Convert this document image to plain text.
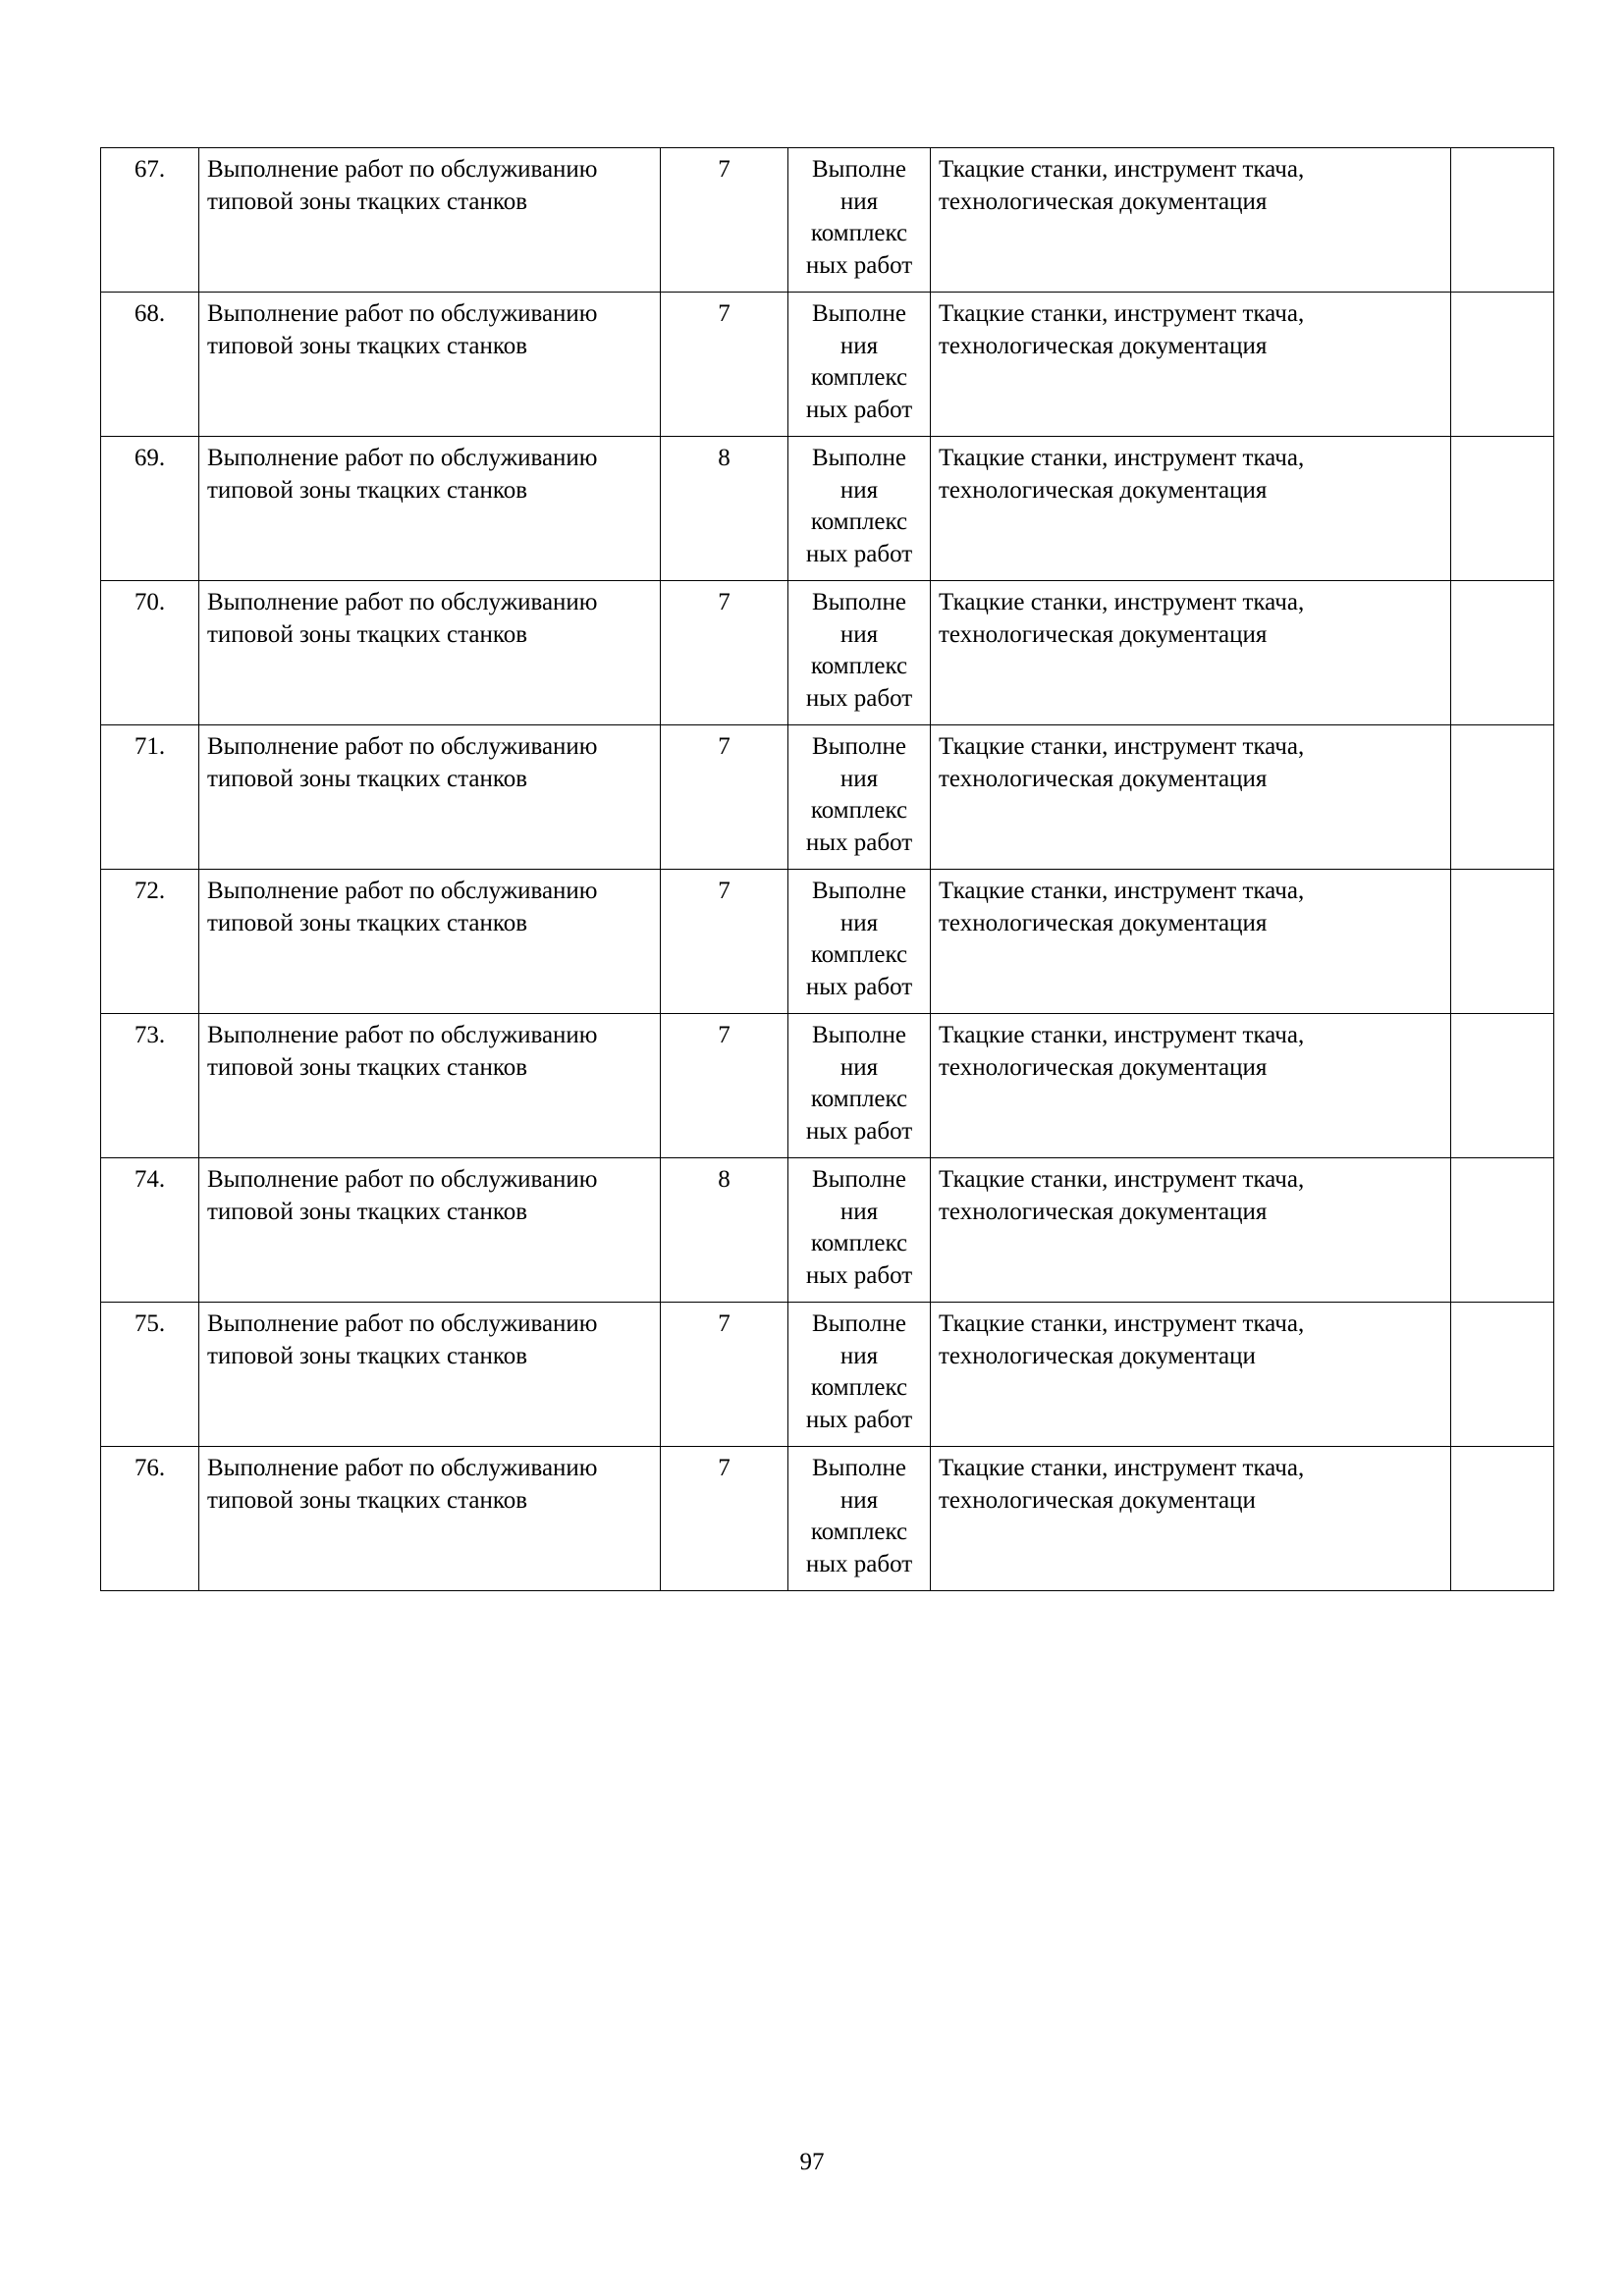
67.	Выполнение работ по обслуживанию типовой зоны ткацких станков	7	Выполне ния комплекс ных работ	Ткацкие станки, инструмент ткача, технологическая документация	
68.	Выполнение работ по обслуживанию типовой зоны ткацких станков	7	Выполне ния комплекс ных работ	Ткацкие станки, инструмент ткача, технологическая документация	
69.	Выполнение работ по обслуживанию типовой зоны ткацких станков	8	Выполне ния комплекс ных работ	Ткацкие станки, инструмент ткача, технологическая документация	
70.	Выполнение работ по обслуживанию типовой зоны ткацких станков	7	Выполне ния комплекс ных работ	Ткацкие станки, инструмент ткача, технологическая документация	
71.	Выполнение работ по обслуживанию типовой зоны ткацких станков	7	Выполне ния комплекс ных работ	Ткацкие станки, инструмент ткача, технологическая документация	
72.	Выполнение работ по обслуживанию типовой зоны ткацких станков	7	Выполне ния комплекс ных работ	Ткацкие станки, инструмент ткача, технологическая документация	
73.	Выполнение работ по обслуживанию типовой зоны ткацких станков	7	Выполне ния комплекс ных работ	Ткацкие станки, инструмент ткача, технологическая документация	
74.	Выполнение работ по обслуживанию типовой зоны ткацких станков	8	Выполне ния комплекс ных работ	Ткацкие станки, инструмент ткача, технологическая документация	
75.	Выполнение работ по обслуживанию типовой зоны ткацких станков	7	Выполне ния комплекс ных работ	Ткацкие станки, инструмент ткача, технологическая документаци	
76.	Выполнение работ по обслуживанию типовой зоны ткацких станков	7	Выполне ния комплекс ных работ	Ткацкие станки, инструмент ткача, технологическая документаци	
97
